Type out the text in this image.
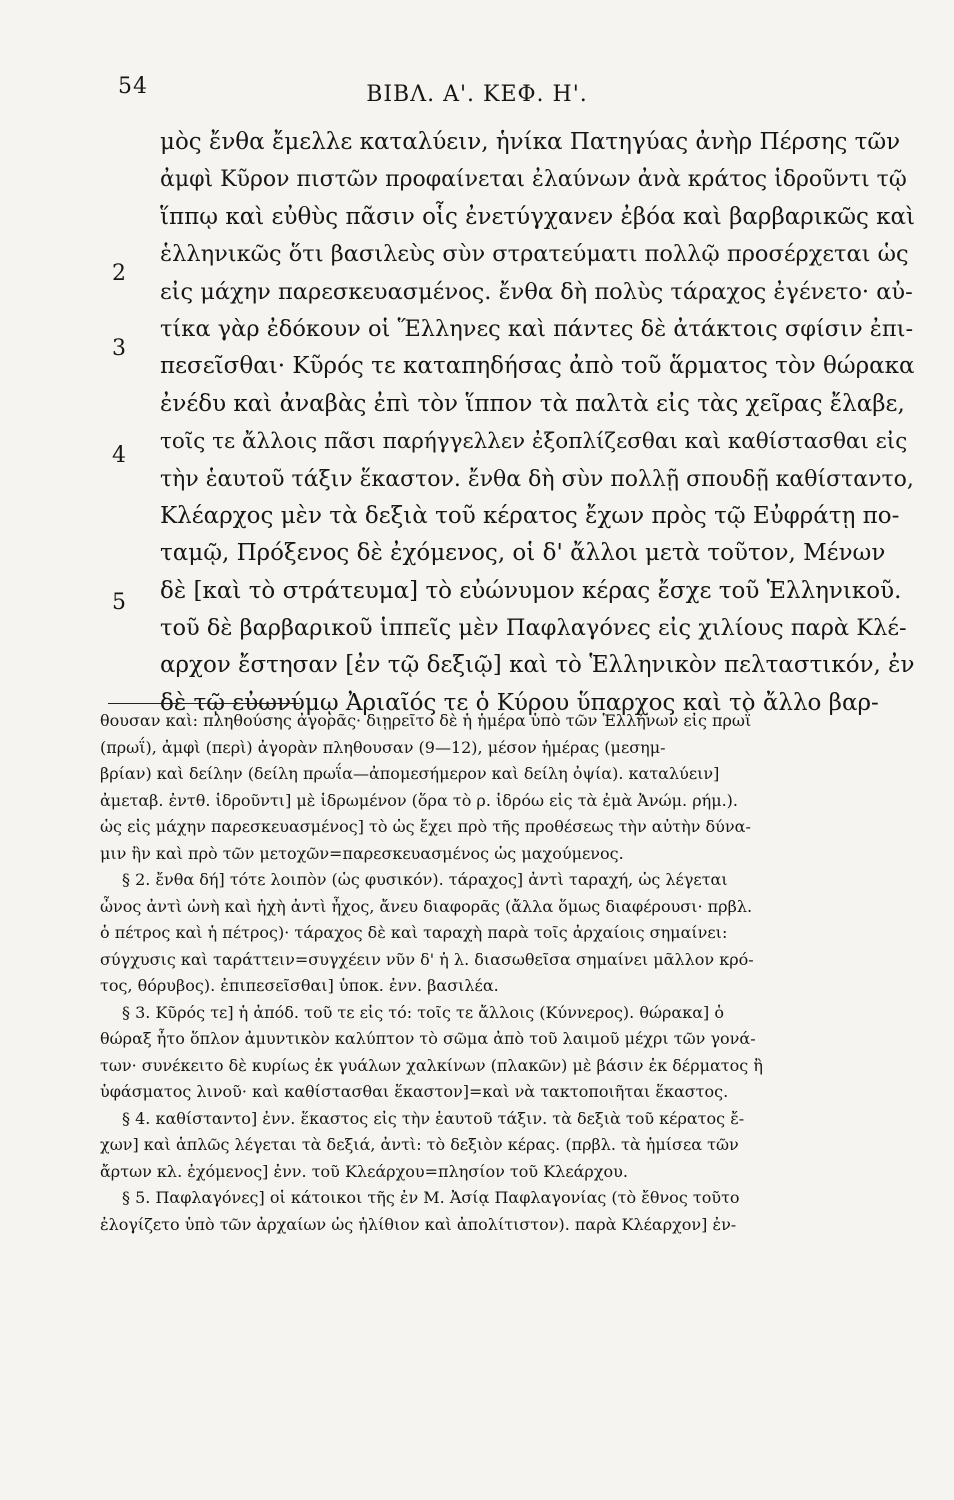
54	ΒΙΒΛ. Α'. ΚΕΦ. Η'.
2
3
4
5
μὸς ἔνθα ἔμελλε καταλύειν, ἡνίκα Πατηγύας ἀνὴρ Πέρσης τῶν
ἀμφὶ Κῦρον πιστῶν προφαίνεται ἐλαύνων ἀνὰ κράτος ἱδροῦντι τῷ
ἵππῳ καὶ εὐθὺς πᾶσιν οἷς ἐνετύγχανεν ἐβόα καὶ βαρβαρικῶς καὶ
ἑλληνικῶς ὅτι βασιλεὺς σὺν στρατεύματι πολλῷ προσέρχεται ὡς
εἰς μάχην παρεσκευασμένος. ἔνθα δὴ πολὺς τάραχος ἐγένετο· αὐ-
τίκα γὰρ ἐδόκουν οἱ Ἕλληνες καὶ πάντες δὲ ἀτάκτοις σφίσιν ἐπι-
πεσεῖσθαι· Κῦρός τε καταπηδήσας ἀπὸ τοῦ ἅρματος τὸν θώρακα
ἐνέδυ καὶ ἀναβὰς ἐπὶ τὸν ἵππον τὰ παλτὰ εἰς τὰς χεῖρας ἔλαβε,
τοῖς τε ἄλλοις πᾶσι παρήγγελλεν ἐξοπλίζεσθαι καὶ καθίστασθαι εἰς
τὴν ἑαυτοῦ τάξιν ἕκαστον. ἔνθα δὴ σὺν πολλῇ σπουδῇ καθίσταντο,
Κλέαρχος μὲν τὰ δεξιὰ τοῦ κέρατος ἔχων πρὸς τῷ Εὐφράτῃ πο-
ταμῷ, Πρόξενος δὲ ἐχόμενος, οἱ δ' ἄλλοι μετὰ τοῦτον, Μένων
δὲ [καὶ τὸ στράτευμα] τὸ εὐώνυμον κέρας ἔσχε τοῦ Ἑλληνικοῦ.
τοῦ δὲ βαρβαρικοῦ ἱππεῖς μὲν Παφλαγόνες εἰς χιλίους παρὰ Κλέ-
αρχον ἔστησαν [ἐν τῷ δεξιῷ] καὶ τὸ Ἑλληνικὸν πελταστικόν, ἐν
δὲ τῷ εὐωνύμῳ Ἀριαῖός τε ὁ Κύρου ὕπαρχος καὶ τὸ ἄλλο βαρ-
θουσαν καὶ: πληθούσης ἀγορᾶς· διῃρεῖτο δὲ ἡ ἡμέρα ὑπὸ τῶν Ἑλλήνων εἰς πρωῒ
(πρωΐ), ἀμφὶ (περὶ) ἀγορὰν πληθουσαν (9—12), μέσον ἡμέρας (μεσημ-
βρίαν) καὶ δείλην (δείλη πρωΐα—ἀπομεσήμερον καὶ δείλη ὀψία). καταλύειν]
ἀμεταβ. ἐντθ. ἱδροῦντι] μὲ ἱδρωμένον (ὅρα τὸ ρ. ἱδρόω εἰς τὰ ἐμὰ Ἀνώμ. ρήμ.).
ὡς εἰς μάχην παρεσκευασμένος] τὸ ὡς ἔχει πρὸ τῆς προθέσεως τὴν αὐτὴν δύνα-
μιν ἣν καὶ πρὸ τῶν μετοχῶν=παρεσκευασμένος ὡς μαχούμενος.
§ 2. ἔνθα δή] τότε λοιπὸν (ὡς φυσικόν). τάραχος] ἀντὶ ταραχή, ὡς λέγεται
ὦνος ἀντὶ ὠνὴ καὶ ἠχὴ ἀντὶ ἦχος, ἄνευ διαφορᾶς (ἄλλα ὅμως διαφέρουσι· πρβλ.
ὁ πέτρος καὶ ἡ πέτρος)· τάραχος δὲ καὶ ταραχὴ παρὰ τοῖς ἀρχαίοις σημαίνει:
σύγχυσις καὶ ταράττειν=συγχέειν νῦν δ' ἡ λ. διασωθεῖσα σημαίνει μᾶλλον κρό-
τος, θόρυβος). ἐπιπεσεῖσθαι] ὑποκ. ἐνν. βασιλέα.
§ 3. Κῦρός τε] ἡ ἀπόδ. τοῦ τε εἰς τό: τοῖς τε ἄλλοις (Κύννερος). θώρακα] ὁ
θώραξ ἦτο ὅπλον ἀμυντικὸν καλύπτον τὸ σῶμα ἀπὸ τοῦ λαιμοῦ μέχρι τῶν γονά-
των· συνέκειτο δὲ κυρίως ἐκ γυάλων χαλκίνων (πλακῶν) μὲ βάσιν ἐκ δέρματος ἢ
ὑφάσματος λινοῦ· καὶ καθίστασθαι ἕκαστον]=καὶ νὰ τακτοποιῆται ἕκαστος.
§ 4. καθίσταντο] ἐνν. ἕκαστος εἰς τὴν ἑαυτοῦ τάξιν. τὰ δεξιὰ τοῦ κέρατος ἔ-
χων] καὶ ἁπλῶς λέγεται τὰ δεξιά, ἀντὶ: τὸ δεξιὸν κέρας. (πρβλ. τὰ ἡμίσεα τῶν
ἄρτων κλ. ἐχόμενος] ἐνν. τοῦ Κλεάρχου=πλησίον τοῦ Κλεάρχου.
§ 5. Παφλαγόνες] οἱ κάτοικοι τῆς ἐν Μ. Ἀσίᾳ Παφλαγονίας (τὸ ἔθνος τοῦτο
ἐλογίζετο ὑπὸ τῶν ἀρχαίων ὡς ἠλίθιον καὶ ἀπολίτιστον). παρὰ Κλέαρχον] ἐν-
